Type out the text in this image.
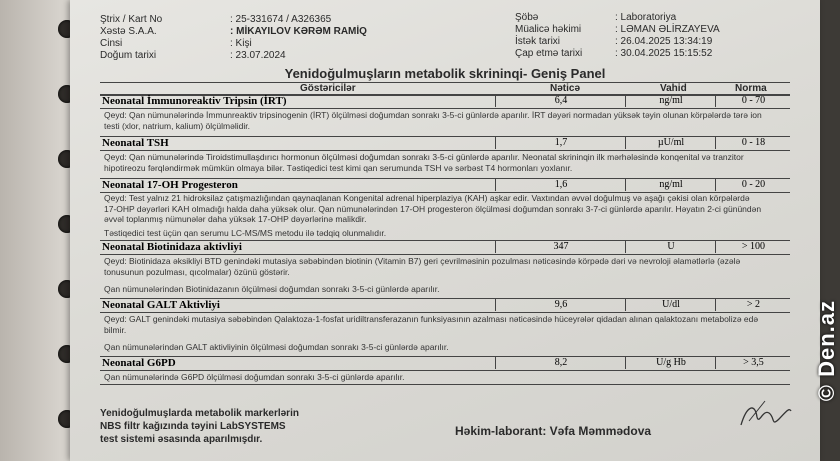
Ştrix / Kart No	: 25-331674 / A326365
Xəstə S.A.A.	: MİKAYILOV KƏRƏM RAMİQ
Cinsi	: Kişi
Doğum tarixi	: 23.07.2024
Şöbə	: Laboratoriya
Müalicə həkimi	: LƏMAN ƏLİRZAYEVA
İstək tarixi	: 26.04.2025 13:34:19
Çap etmə tarixi	: 30.04.2025 15:15:52
Yenidoğulmuşların metabolik skrininqi- Geniş Panel
Göstəricilər	Nəticə	Vahid	Norma
Neonatal İmmunoreaktiv Tripsin (İRT)	6,4	ng/ml	0 - 70
Qeyd: Qan nümunələrində İmmunreaktiv tripsinogenin (İRT) ölçülməsi doğumdan sonrakı 3-5-ci günlərdə aparılır. İRT dəyəri normadan yüksək təyin olunan körpələrdə tərə ion testi (xlor, natrium, kalium) ölçülməlidir.
Neonatal TSH	1,7	µU/ml	0 - 18
Qeyd: Qan nümunələrində Tiroidstimullaşdırıcı hormonun ölçülməsi doğumdan sonrakı 3-5-ci günlərdə aparılır. Neonatal skrininqin ilk mərhələsində konqenital və tranzitor hipotireozu fərqləndirmək mümkün olmaya bilər. Təstiqedici test kimi qan serumunda TSH və sərbəst T4 hormonları yoxlanır.
Neonatal 17-OH Progesteron	1,6	ng/ml	0 - 20
Qeyd: Test yalnız 21 hidroksilaz çatışmazlığından qaynaqlanan Kongenital adrenal hiperplaziya (KAH) aşkar edir. Vaxtından əvvəl doğulmuş və aşağı çəkisi olan körpələrdə 17-OHP dəyərləri KAH olmadığı halda daha yüksək olur. Qan nümunələrindən 17-OH progesteron ölçülməsi doğumdan sonrakı 3-7-ci günlərdə aparılır. Həyatın 2-ci günündən əvvəl toplanmış nümunələr daha yüksək 17-OHP dəyərlərinə malikdir.
Təstiqedici test üçün qan serumu LC-MS/MS metodu ilə tədqiq olunmalıdır.
Neonatal Biotinidaza aktivliyi	347	U	> 100
Qeyd: Biotinidaza əksikliyi BTD genindəki mutasiya səbəbindən biotinin (Vitamin B7) geri çevrilməsinin pozulması nəticəsində körpədə dəri və nevroloji əlamətlərlə (əzələ tonusunun pozulması, qıcolmalar) özünü göstərir.
Qan nümunələrindən Biotinidazanın ölçülməsi doğumdan sonrakı 3-5-ci günlərdə aparılır.
Neonatal GALT Aktivliyi	9,6	U/dl	> 2
Qeyd: GALT genindəki mutasiya səbəbindən Qalaktoza-1-fosfat uridiltransferazanın funksiyasının azalması nəticəsində hüceyrələr qidadan alınan qalaktozanı metabolizə edə bilmir.
Qan nümunələrindən GALT aktivliyinin ölçülməsi doğumdan sonrakı 3-5-ci günlərdə aparılır.
Neonatal G6PD	8,2	U/g Hb	> 3,5
Qan nümunələrində G6PD ölçülməsi doğumdan sonrakı 3-5-ci günlərdə aparılır.
Yenidoğulmuşlarda metabolik markerlərin
NBS filtr kağızında təyini LabSYSTEMS
test sistemi əsasında aparılmışdır.
Həkim-laborant: Vəfa Məmmədova
© Den.az
